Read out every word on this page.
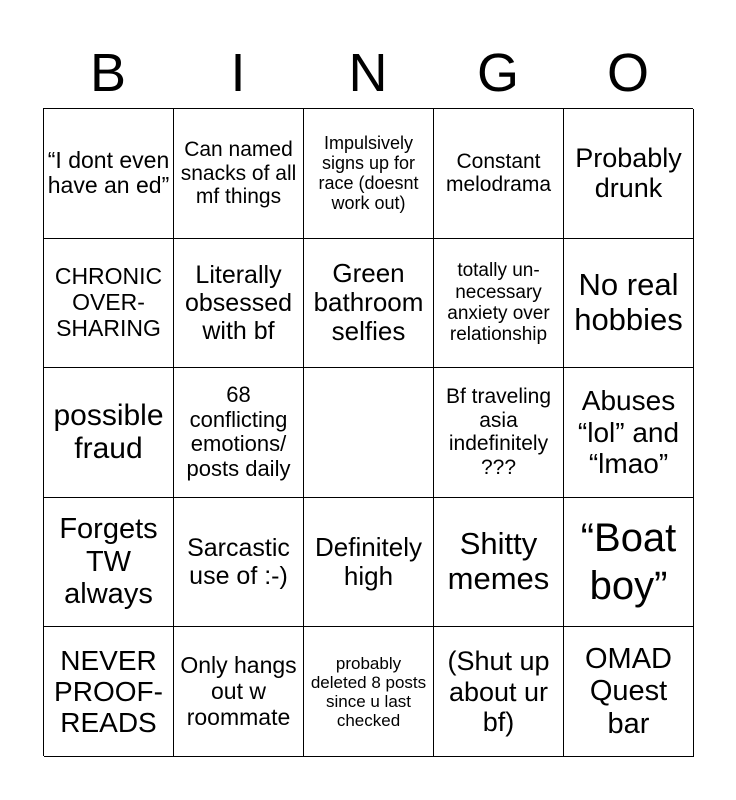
B	I	N	G	O
“I dont even have an ed”
Can named snacks of all mf things
Impulsively signs up for race (doesnt work out)
Constant melodrama
Probably drunk
CHRONIC OVER-SHARING
Literally obsessed with bf
Green bathroom selfies
totally un-necessary anxiety over relationship
No real hobbies
possible fraud
68 conflicting emotions/ posts daily
Bf traveling asia indefinitely ???
Abuses “lol” and “lmao”
Forgets TW always
Sarcastic use of :-)
Definitely high
Shitty memes
“Boat boy”
NEVER PROOF-READS
Only hangs out w roommate
probably deleted 8 posts since u last checked
(Shut up about ur bf)
OMAD Quest bar
